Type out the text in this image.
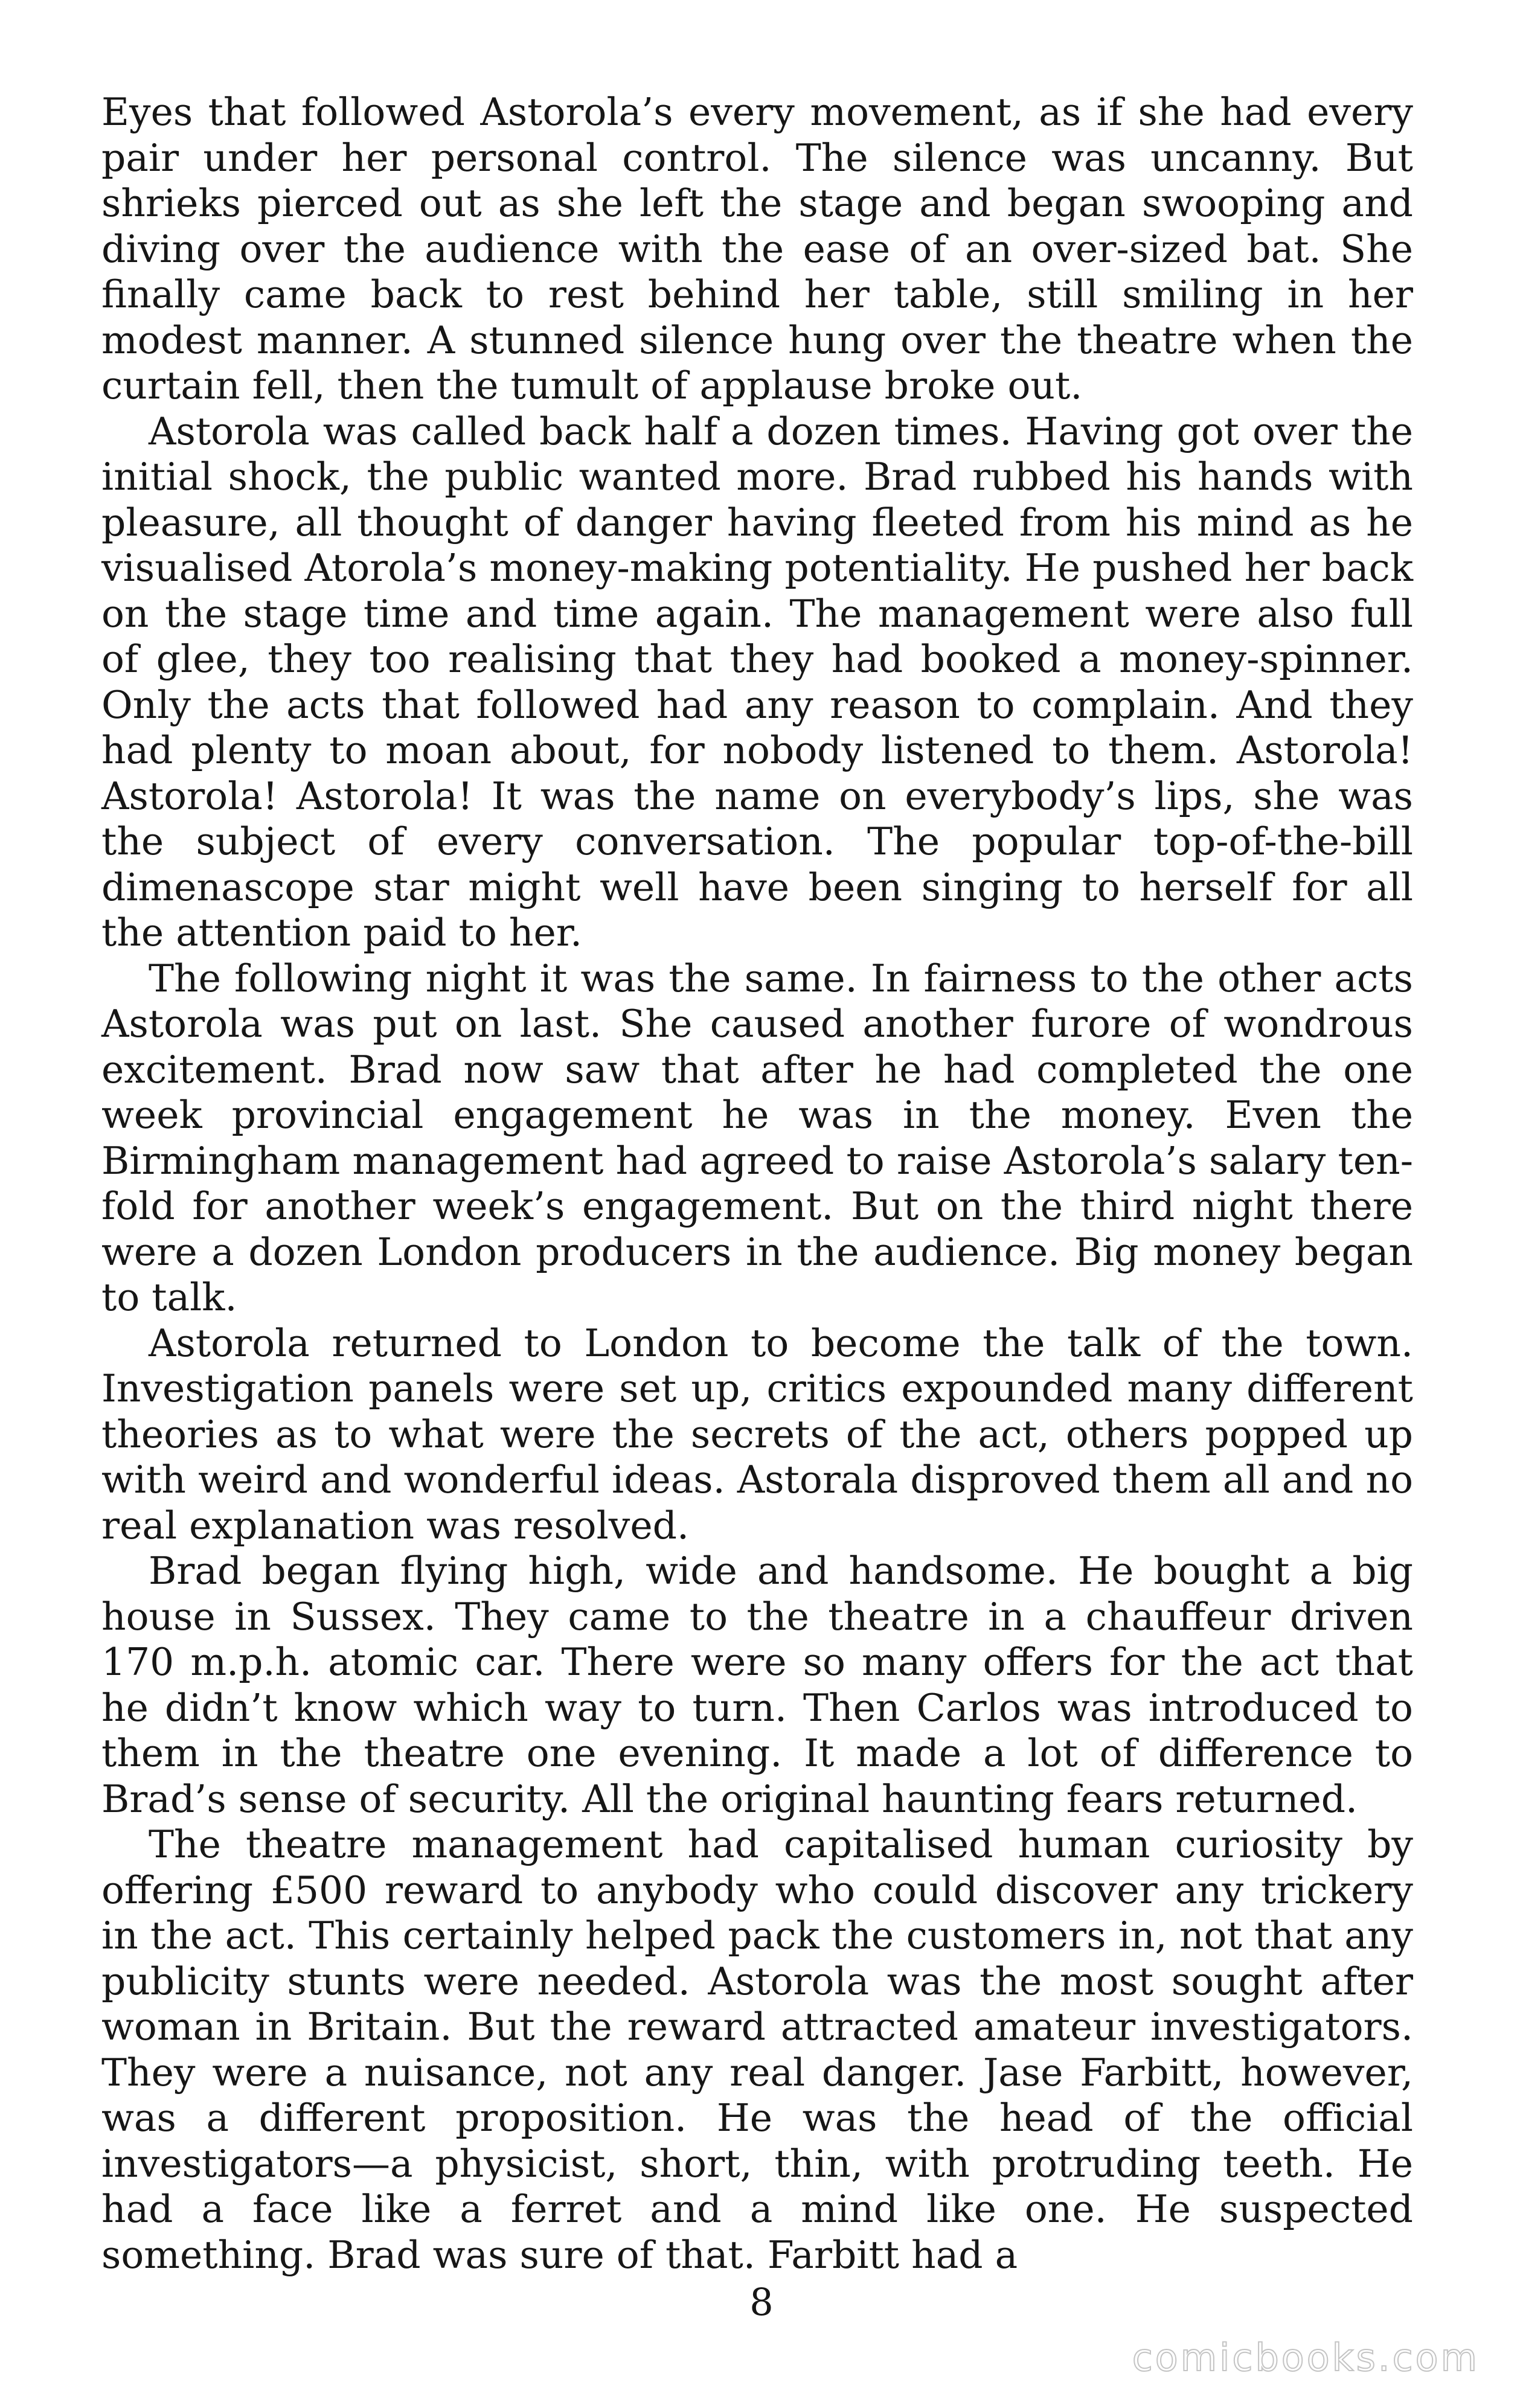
Eyes that followed Astorola’s every movement, as if she had every pair under her personal control. The silence was uncanny. But shrieks pierced out as she left the stage and began swooping and diving over the audience with the ease of an over-sized bat. She finally came back to rest behind her table, still smiling in her modest manner. A stunned silence hung over the theatre when the curtain fell, then the tumult of applause broke out.

Astorola was called back half a dozen times. Having got over the initial shock, the public wanted more. Brad rubbed his hands with pleasure, all thought of danger having fleeted from his mind as he visualised Atorola’s money-making potentiality. He pushed her back on the stage time and time again. The management were also full of glee, they too realising that they had booked a money-spinner. Only the acts that followed had any reason to complain. And they had plenty to moan about, for nobody listened to them. Astorola! Astorola! Astorola! It was the name on everybody’s lips, she was the subject of every conversation. The popular top-of-the-bill dimenascope star might well have been singing to herself for all the attention paid to her.

The following night it was the same. In fairness to the other acts Astorola was put on last. She caused another furore of wondrous excitement. Brad now saw that after he had completed the one week provincial engagement he was in the money. Even the Birmingham management had agreed to raise Astorola’s salary ten-fold for another week’s engagement. But on the third night there were a dozen London producers in the audience. Big money began to talk.

Astorola returned to London to become the talk of the town. Investigation panels were set up, critics expounded many different theories as to what were the secrets of the act, others popped up with weird and wonderful ideas. Astorala disproved them all and no real explanation was resolved.

Brad began flying high, wide and handsome. He bought a big house in Sussex. They came to the theatre in a chauffeur driven 170 m.p.h. atomic car. There were so many offers for the act that he didn’t know which way to turn. Then Carlos was introduced to them in the theatre one evening. It made a lot of difference to Brad’s sense of security. All the original haunting fears returned.

The theatre management had capitalised human curiosity by offering £500 reward to anybody who could discover any trickery in the act. This certainly helped pack the customers in, not that any publicity stunts were needed. Astorola was the most sought after woman in Britain. But the reward attracted amateur investigators. They were a nuisance, not any real danger. Jase Farbitt, however, was a different proposition. He was the head of the official investigators—a physicist, short, thin, with protruding teeth. He had a face like a ferret and a mind like one. He suspected something. Brad was sure of that. Farbitt had a

8
comicbooks.com
